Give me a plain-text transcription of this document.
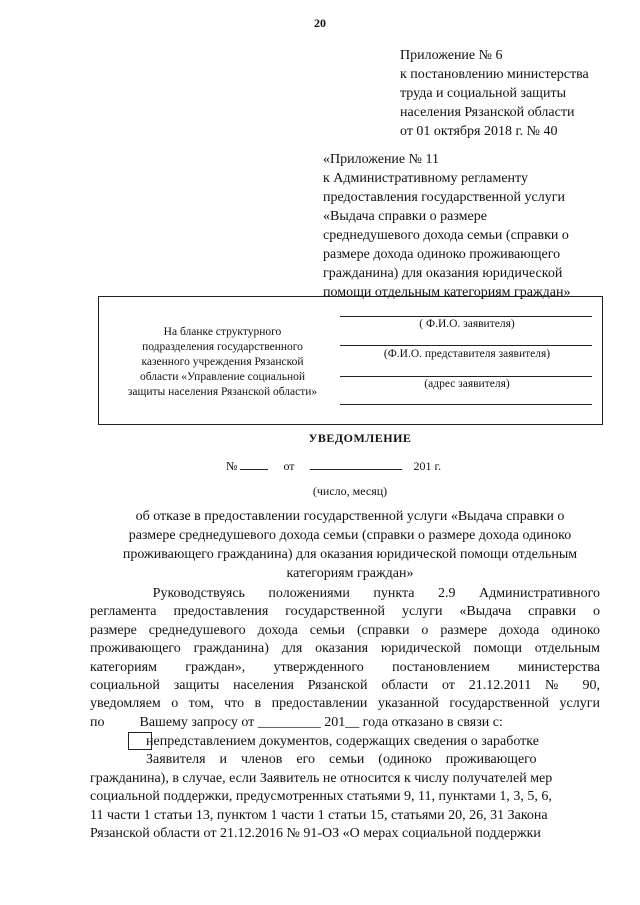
20
Приложение № 6
к постановлению министерства
труда и социальной защиты
населения Рязанской области
от 01 октября 2018 г. № 40
«Приложение № 11
к Административному регламенту
предоставления государственной услуги
«Выдача справки о размере
среднедушевого дохода семьи (справки о
размере дохода одиноко проживающего
гражданина) для оказания юридической
помощи отдельным категориям граждан»
На бланке структурного
подразделения государственного
казенного учреждения Рязанской
области «Управление социальной
защиты населения Рязанской области»
( Ф.И.О. заявителя)
(Ф.И.О. представителя заявителя)
(адрес заявителя)
УВЕДОМЛЕНИЕ
№	от	201 г.
(число, месяц)
об отказе в предоставлении государственной услуги «Выдача справки о
размере среднедушевого дохода семьи (справки о размере дохода одиноко
проживающего гражданина) для оказания юридической помощи отдельным
категориям граждан»
Руководствуясь   положениями   пункта   2.9   Административного
регламента предоставления государственной услуги «Выдача справки о
размере среднедушевого дохода семьи (справки о размере дохода одиноко
проживающего гражданина) для оказания юридической помощи отдельным
категориям граждан», утвержденного постановлением министерства
социальной защиты населения Рязанской области от 21.12.2011 № 90,
уведомляем о том, что в предоставлении указанной государственной услуги
по          Вашему запросу от _________ 201__ года отказано в связи с:
непредставлением документов, содержащих сведения о заработке
Заявителя    и    членов    его    семьи    (одиноко    проживающего
гражданина), в случае, если Заявитель не относится к числу получателей мер
социальной поддержки, предусмотренных статьями 9, 11, пунктами 1, 3, 5, 6,
11 части 1 статьи 13, пунктом 1 части 1 статьи 15, статьями 20, 26, 31 Закона
Рязанской области от 21.12.2016 № 91-ОЗ «О мерах социальной поддержки
